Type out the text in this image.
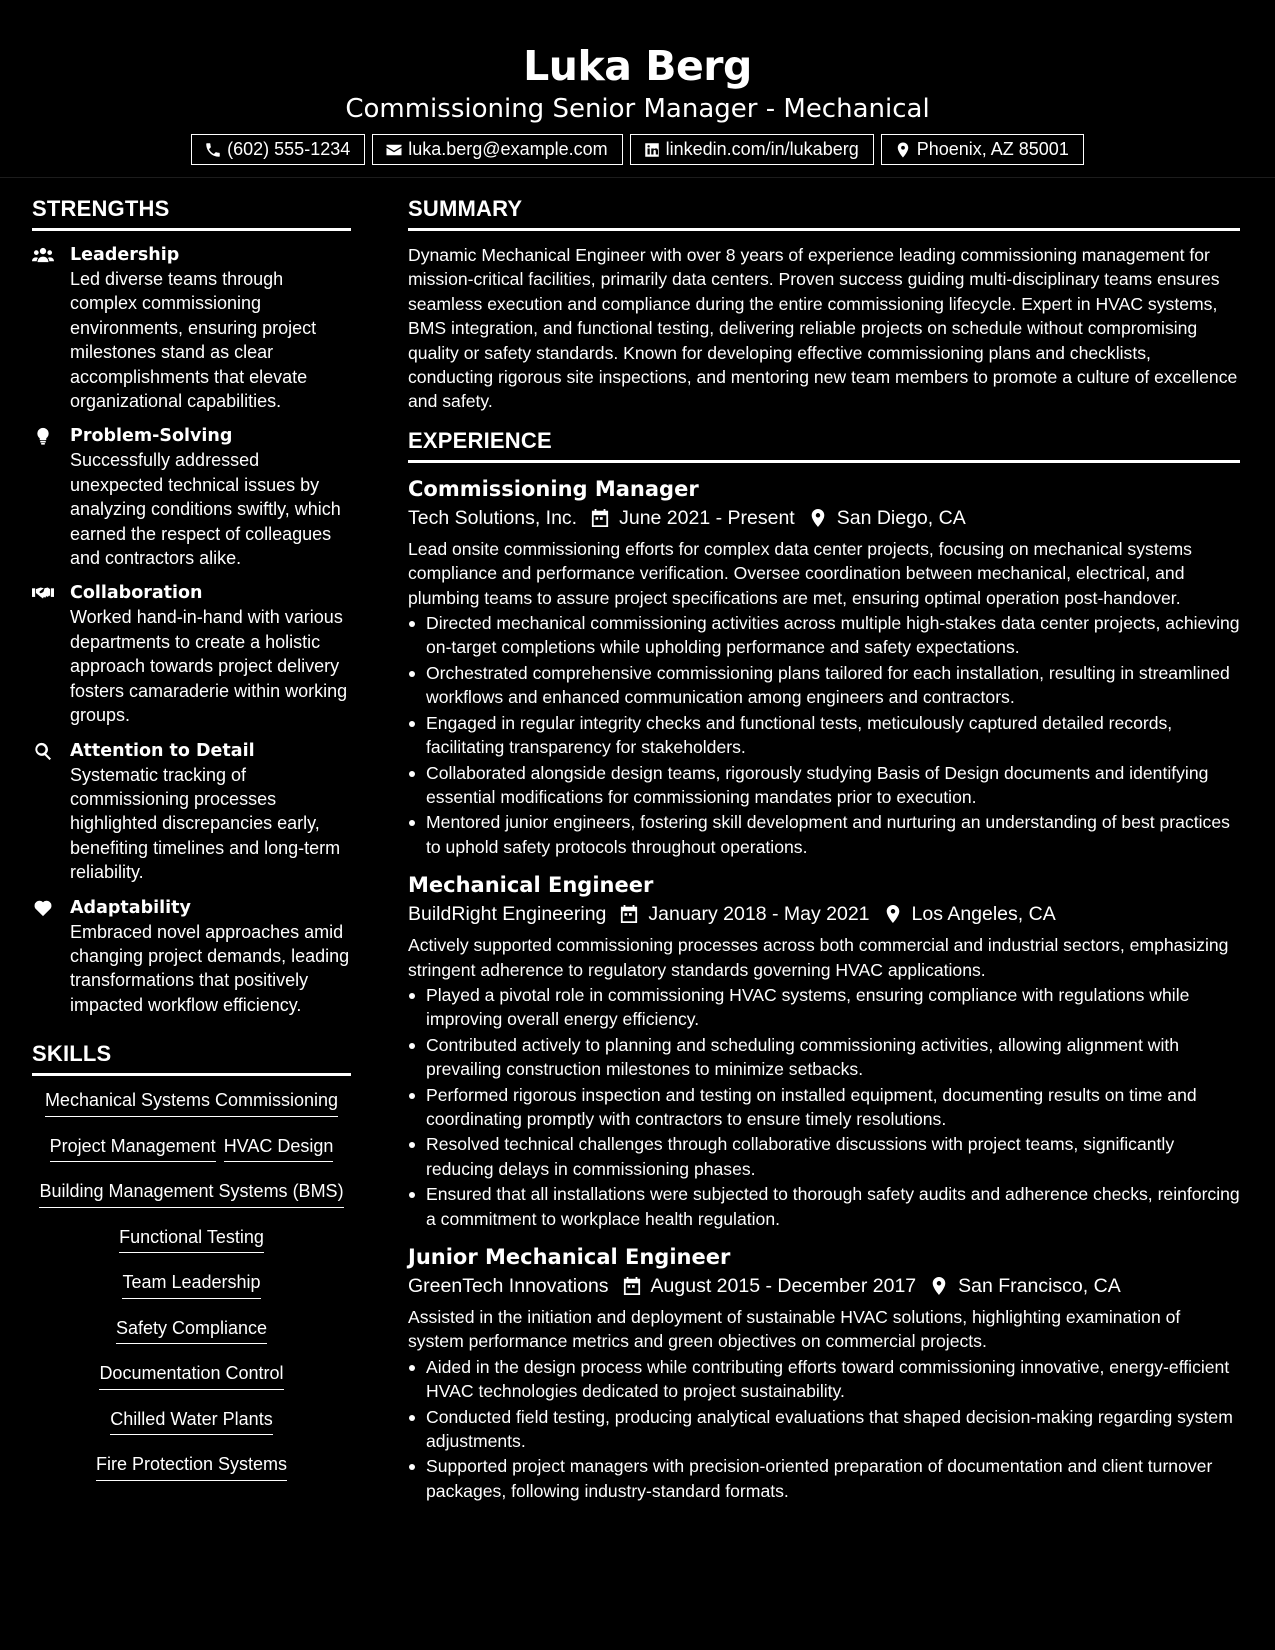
Luka Berg
Commissioning Senior Manager - Mechanical
(602) 555-1234	luka.berg@example.com	linkedin.com/in/lukaberg	Phoenix, AZ 85001
STRENGTHS
Leadership
Led diverse teams through complex commissioning environments, ensuring project milestones stand as clear accomplishments that elevate organizational capabilities.
Problem-Solving
Successfully addressed unexpected technical issues by analyzing conditions swiftly, which earned the respect of colleagues and contractors alike.
Collaboration
Worked hand-in-hand with various departments to create a holistic approach towards project delivery fosters camaraderie within working groups.
Attention to Detail
Systematic tracking of commissioning processes highlighted discrepancies early, benefiting timelines and long-term reliability.
Adaptability
Embraced novel approaches amid changing project demands, leading transformations that positively impacted workflow efficiency.
SKILLS
Mechanical Systems Commissioning
Project Management HVAC Design
Building Management Systems (BMS)
Functional Testing
Team Leadership
Safety Compliance
Documentation Control
Chilled Water Plants
Fire Protection Systems
SUMMARY
Dynamic Mechanical Engineer with over 8 years of experience leading commissioning management for mission-critical facilities, primarily data centers. Proven success guiding multi-disciplinary teams ensures seamless execution and compliance during the entire commissioning lifecycle. Expert in HVAC systems, BMS integration, and functional testing, delivering reliable projects on schedule without compromising quality or safety standards. Known for developing effective commissioning plans and checklists, conducting rigorous site inspections, and mentoring new team members to promote a culture of excellence and safety.
EXPERIENCE
Commissioning Manager
Tech Solutions, Inc. June 2021 - Present San Diego, CA
Lead onsite commissioning efforts for complex data center projects, focusing on mechanical systems compliance and performance verification. Oversee coordination between mechanical, electrical, and plumbing teams to assure project specifications are met, ensuring optimal operation post-handover.
Directed mechanical commissioning activities across multiple high-stakes data center projects, achieving on-target completions while upholding performance and safety expectations.
Orchestrated comprehensive commissioning plans tailored for each installation, resulting in streamlined workflows and enhanced communication among engineers and contractors.
Engaged in regular integrity checks and functional tests, meticulously captured detailed records, facilitating transparency for stakeholders.
Collaborated alongside design teams, rigorously studying Basis of Design documents and identifying essential modifications for commissioning mandates prior to execution.
Mentored junior engineers, fostering skill development and nurturing an understanding of best practices to uphold safety protocols throughout operations.
Mechanical Engineer
BuildRight Engineering January 2018 - May 2021 Los Angeles, CA
Actively supported commissioning processes across both commercial and industrial sectors, emphasizing stringent adherence to regulatory standards governing HVAC applications.
Played a pivotal role in commissioning HVAC systems, ensuring compliance with regulations while improving overall energy efficiency.
Contributed actively to planning and scheduling commissioning activities, allowing alignment with prevailing construction milestones to minimize setbacks.
Performed rigorous inspection and testing on installed equipment, documenting results on time and coordinating promptly with contractors to ensure timely resolutions.
Resolved technical challenges through collaborative discussions with project teams, significantly reducing delays in commissioning phases.
Ensured that all installations were subjected to thorough safety audits and adherence checks, reinforcing a commitment to workplace health regulation.
Junior Mechanical Engineer
GreenTech Innovations August 2015 - December 2017 San Francisco, CA
Assisted in the initiation and deployment of sustainable HVAC solutions, highlighting examination of system performance metrics and green objectives on commercial projects.
Aided in the design process while contributing efforts toward commissioning innovative, energy-efficient HVAC technologies dedicated to project sustainability.
Conducted field testing, producing analytical evaluations that shaped decision-making regarding system adjustments.
Supported project managers with precision-oriented preparation of documentation and client turnover packages, following industry-standard formats.
